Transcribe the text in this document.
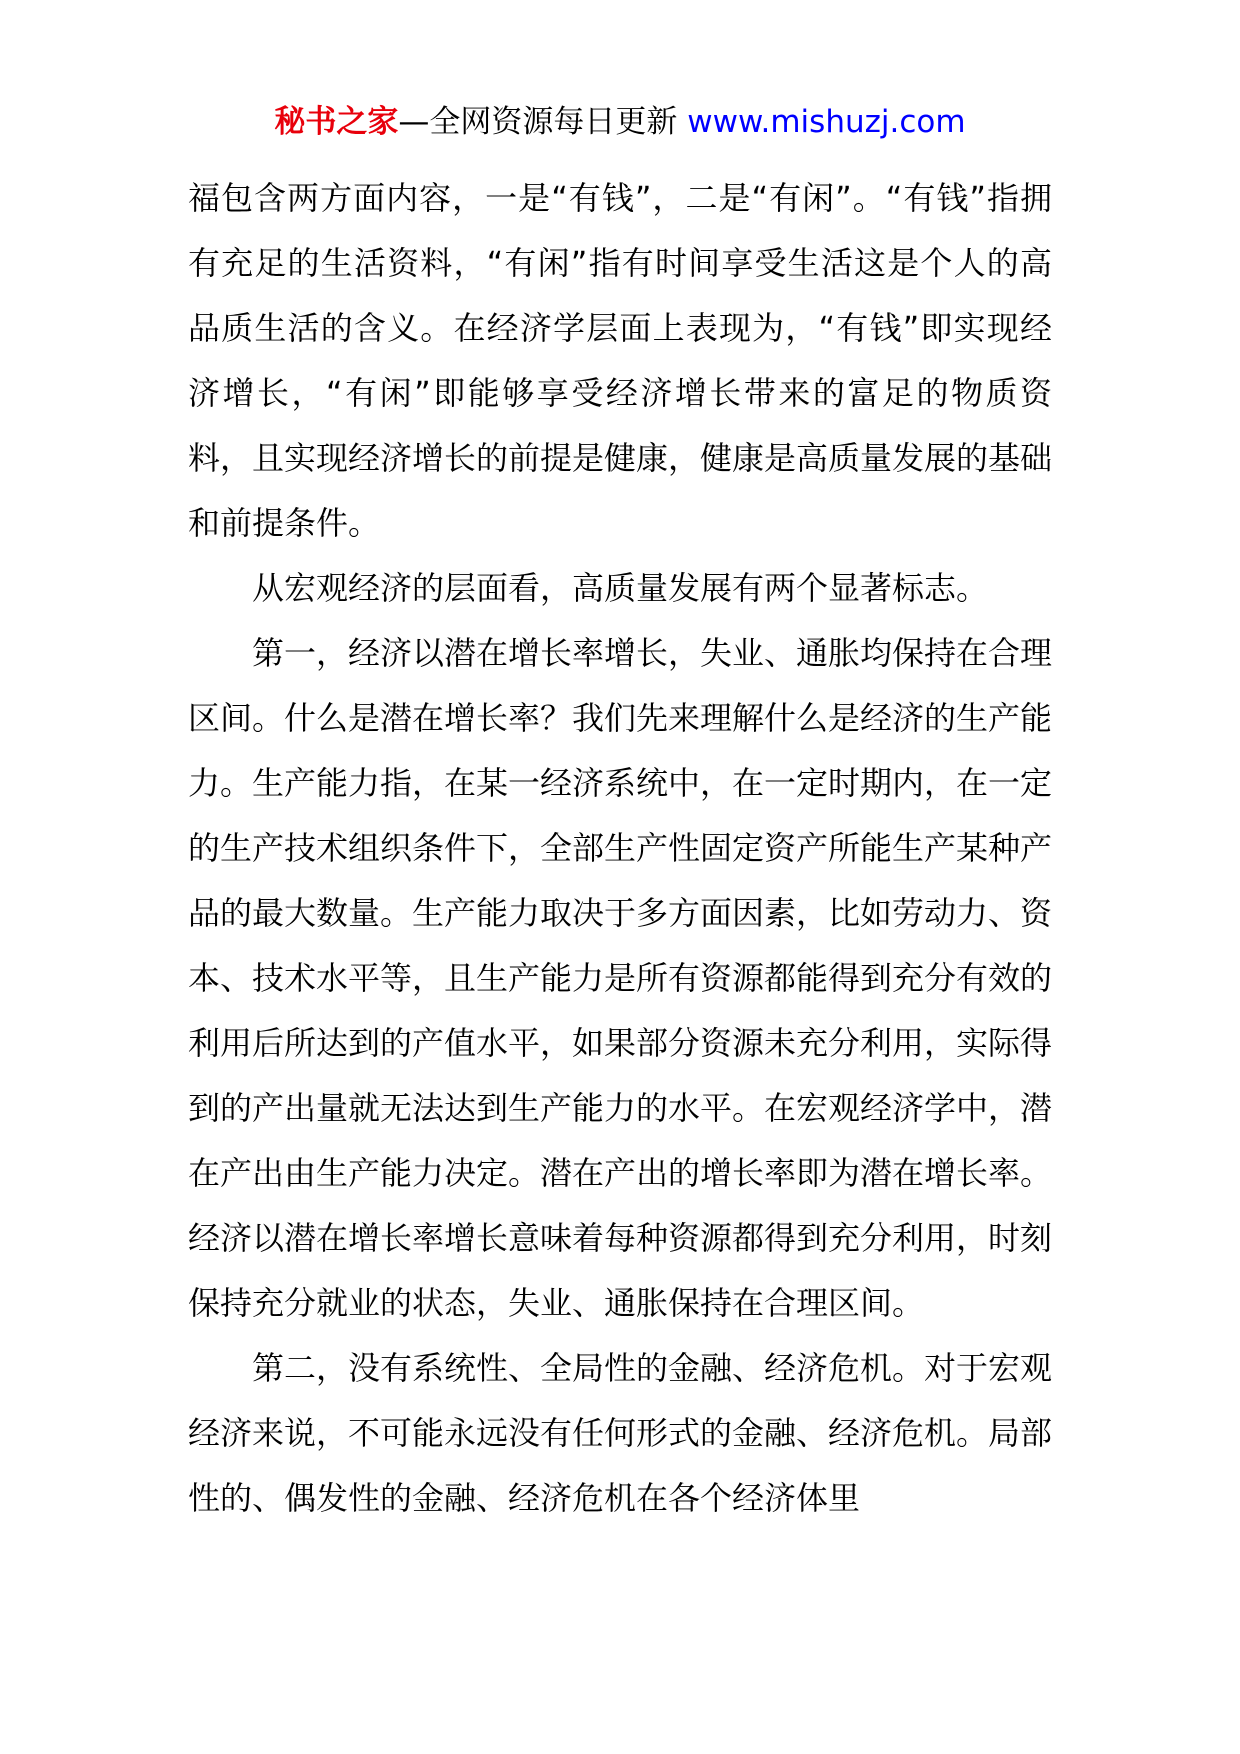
秘书之家—全网资源每日更新 www.mishuzj.com

福包含两方面内容，一是“有钱”，二是“有闲”。“有钱”指拥有充足的生活资料，“有闲”指有时间享受生活这是个人的高品质生活的含义。在经济学层面上表现为，“有钱”即实现经济增长，“有闲”即能够享受经济增长带来的富足的物质资料，且实现经济增长的前提是健康，健康是高质量发展的基础和前提条件。

从宏观经济的层面看，高质量发展有两个显著标志。

第一，经济以潜在增长率增长，失业、通胀均保持在合理区间。什么是潜在增长率？我们先来理解什么是经济的生产能力。生产能力指，在某一经济系统中，在一定时期内，在一定的生产技术组织条件下，全部生产性固定资产所能生产某种产品的最大数量。生产能力取决于多方面因素，比如劳动力、资本、技术水平等，且生产能力是所有资源都能得到充分有效的利用后所达到的产值水平，如果部分资源未充分利用，实际得到的产出量就无法达到生产能力的水平。在宏观经济学中，潜在产出由生产能力决定。潜在产出的增长率即为潜在增长率。经济以潜在增长率增长意味着每种资源都得到充分利用，时刻保持充分就业的状态，失业、通胀保持在合理区间。

第二，没有系统性、全局性的金融、经济危机。对于宏观经济来说，不可能永远没有任何形式的金融、经济危机。局部性的、偶发性的金融、经济危机在各个经济体里
